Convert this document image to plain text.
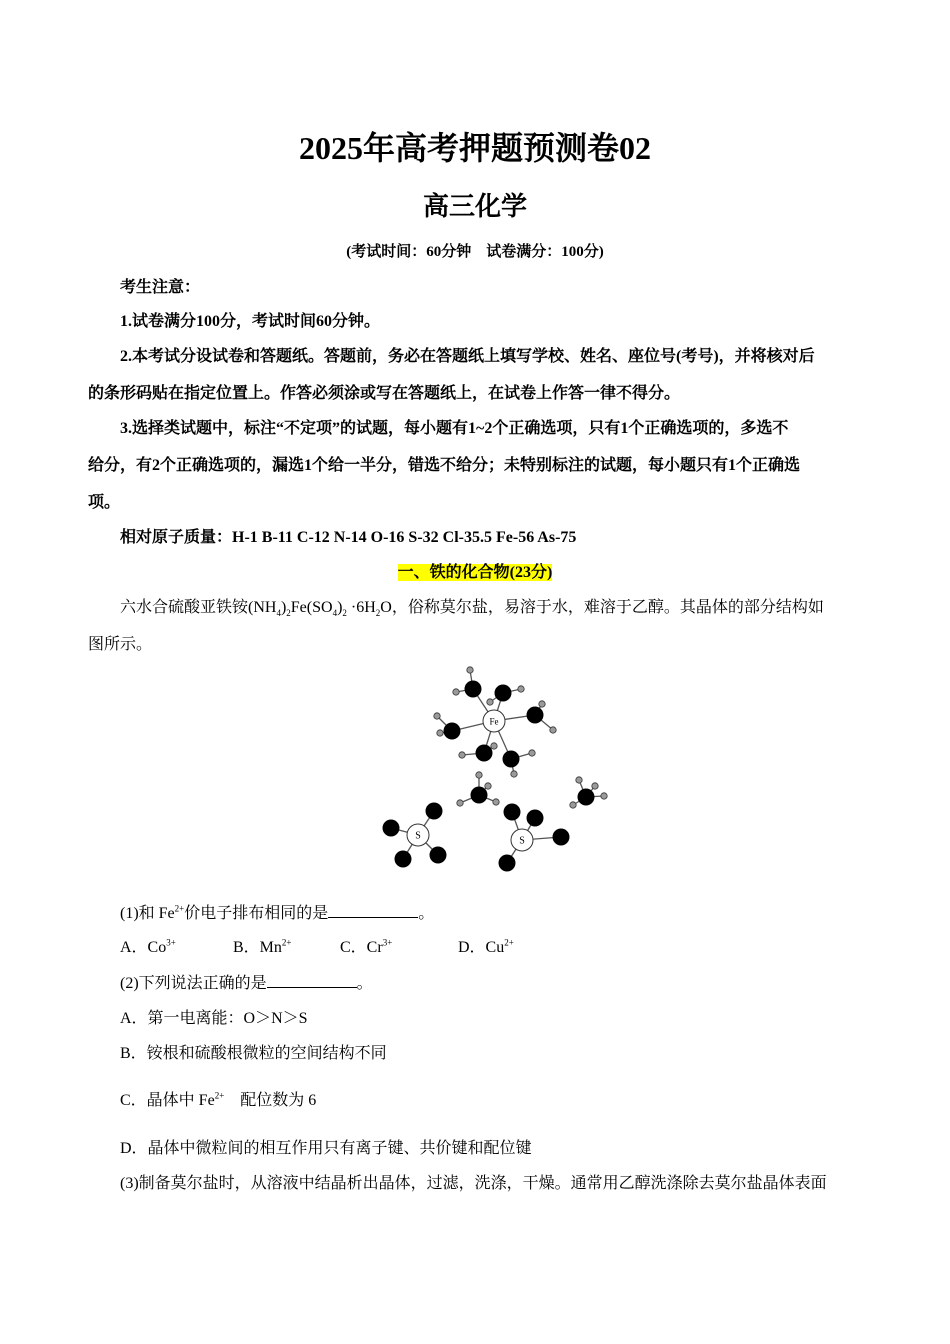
2025年高考押题预测卷02
高三化学
(考试时间：60分钟　试卷满分：100分)
考生注意：
1.试卷满分100分，考试时间60分钟。
2.本考试分设试卷和答题纸。答题前，务必在答题纸上填写学校、姓名、座位号(考号)，并将核对后
的条形码贴在指定位置上。作答必须涂或写在答题纸上，在试卷上作答一律不得分。
3.选择类试题中，标注“不定项”的试题，每小题有1~2个正确选项，只有1个正确选项的，多选不
给分，有2个正确选项的，漏选1个给一半分，错选不给分；未特别标注的试题，每小题只有1个正确选
项。
相对原子质量：H-1 B-11 C-12 N-14 O-16 S-32 Cl-35.5 Fe-56 As-75
一、铁的化合物(23分)
六水合硫酸亚铁铵$(NH_4)_2Fe(SO_4)_2 \cdot 6H_2O$，俗称莫尔盐，易溶于水，难溶于乙醇。其晶体的部分结构如
图所示。
Fe
S	S
(1)和 $Fe^{2+}$价电子排布相同的是	。
A．$Co^{3+}$	B．$Mn^{2+}$	C．$Cr^{3+}$	D．$Cu^{2+}$
(2)下列说法正确的是	。
A．第一电离能：O＞N＞S
B．铵根和硫酸根微粒的空间结构不同
C．晶体中 $Fe^{2+}$　配位数为 6
D．晶体中微粒间的相互作用只有离子键、共价键和配位键
(3)制备莫尔盐时，从溶液中结晶析出晶体，过滤，洗涤，干燥。通常用乙醇洗涤除去莫尔盐晶体表面
